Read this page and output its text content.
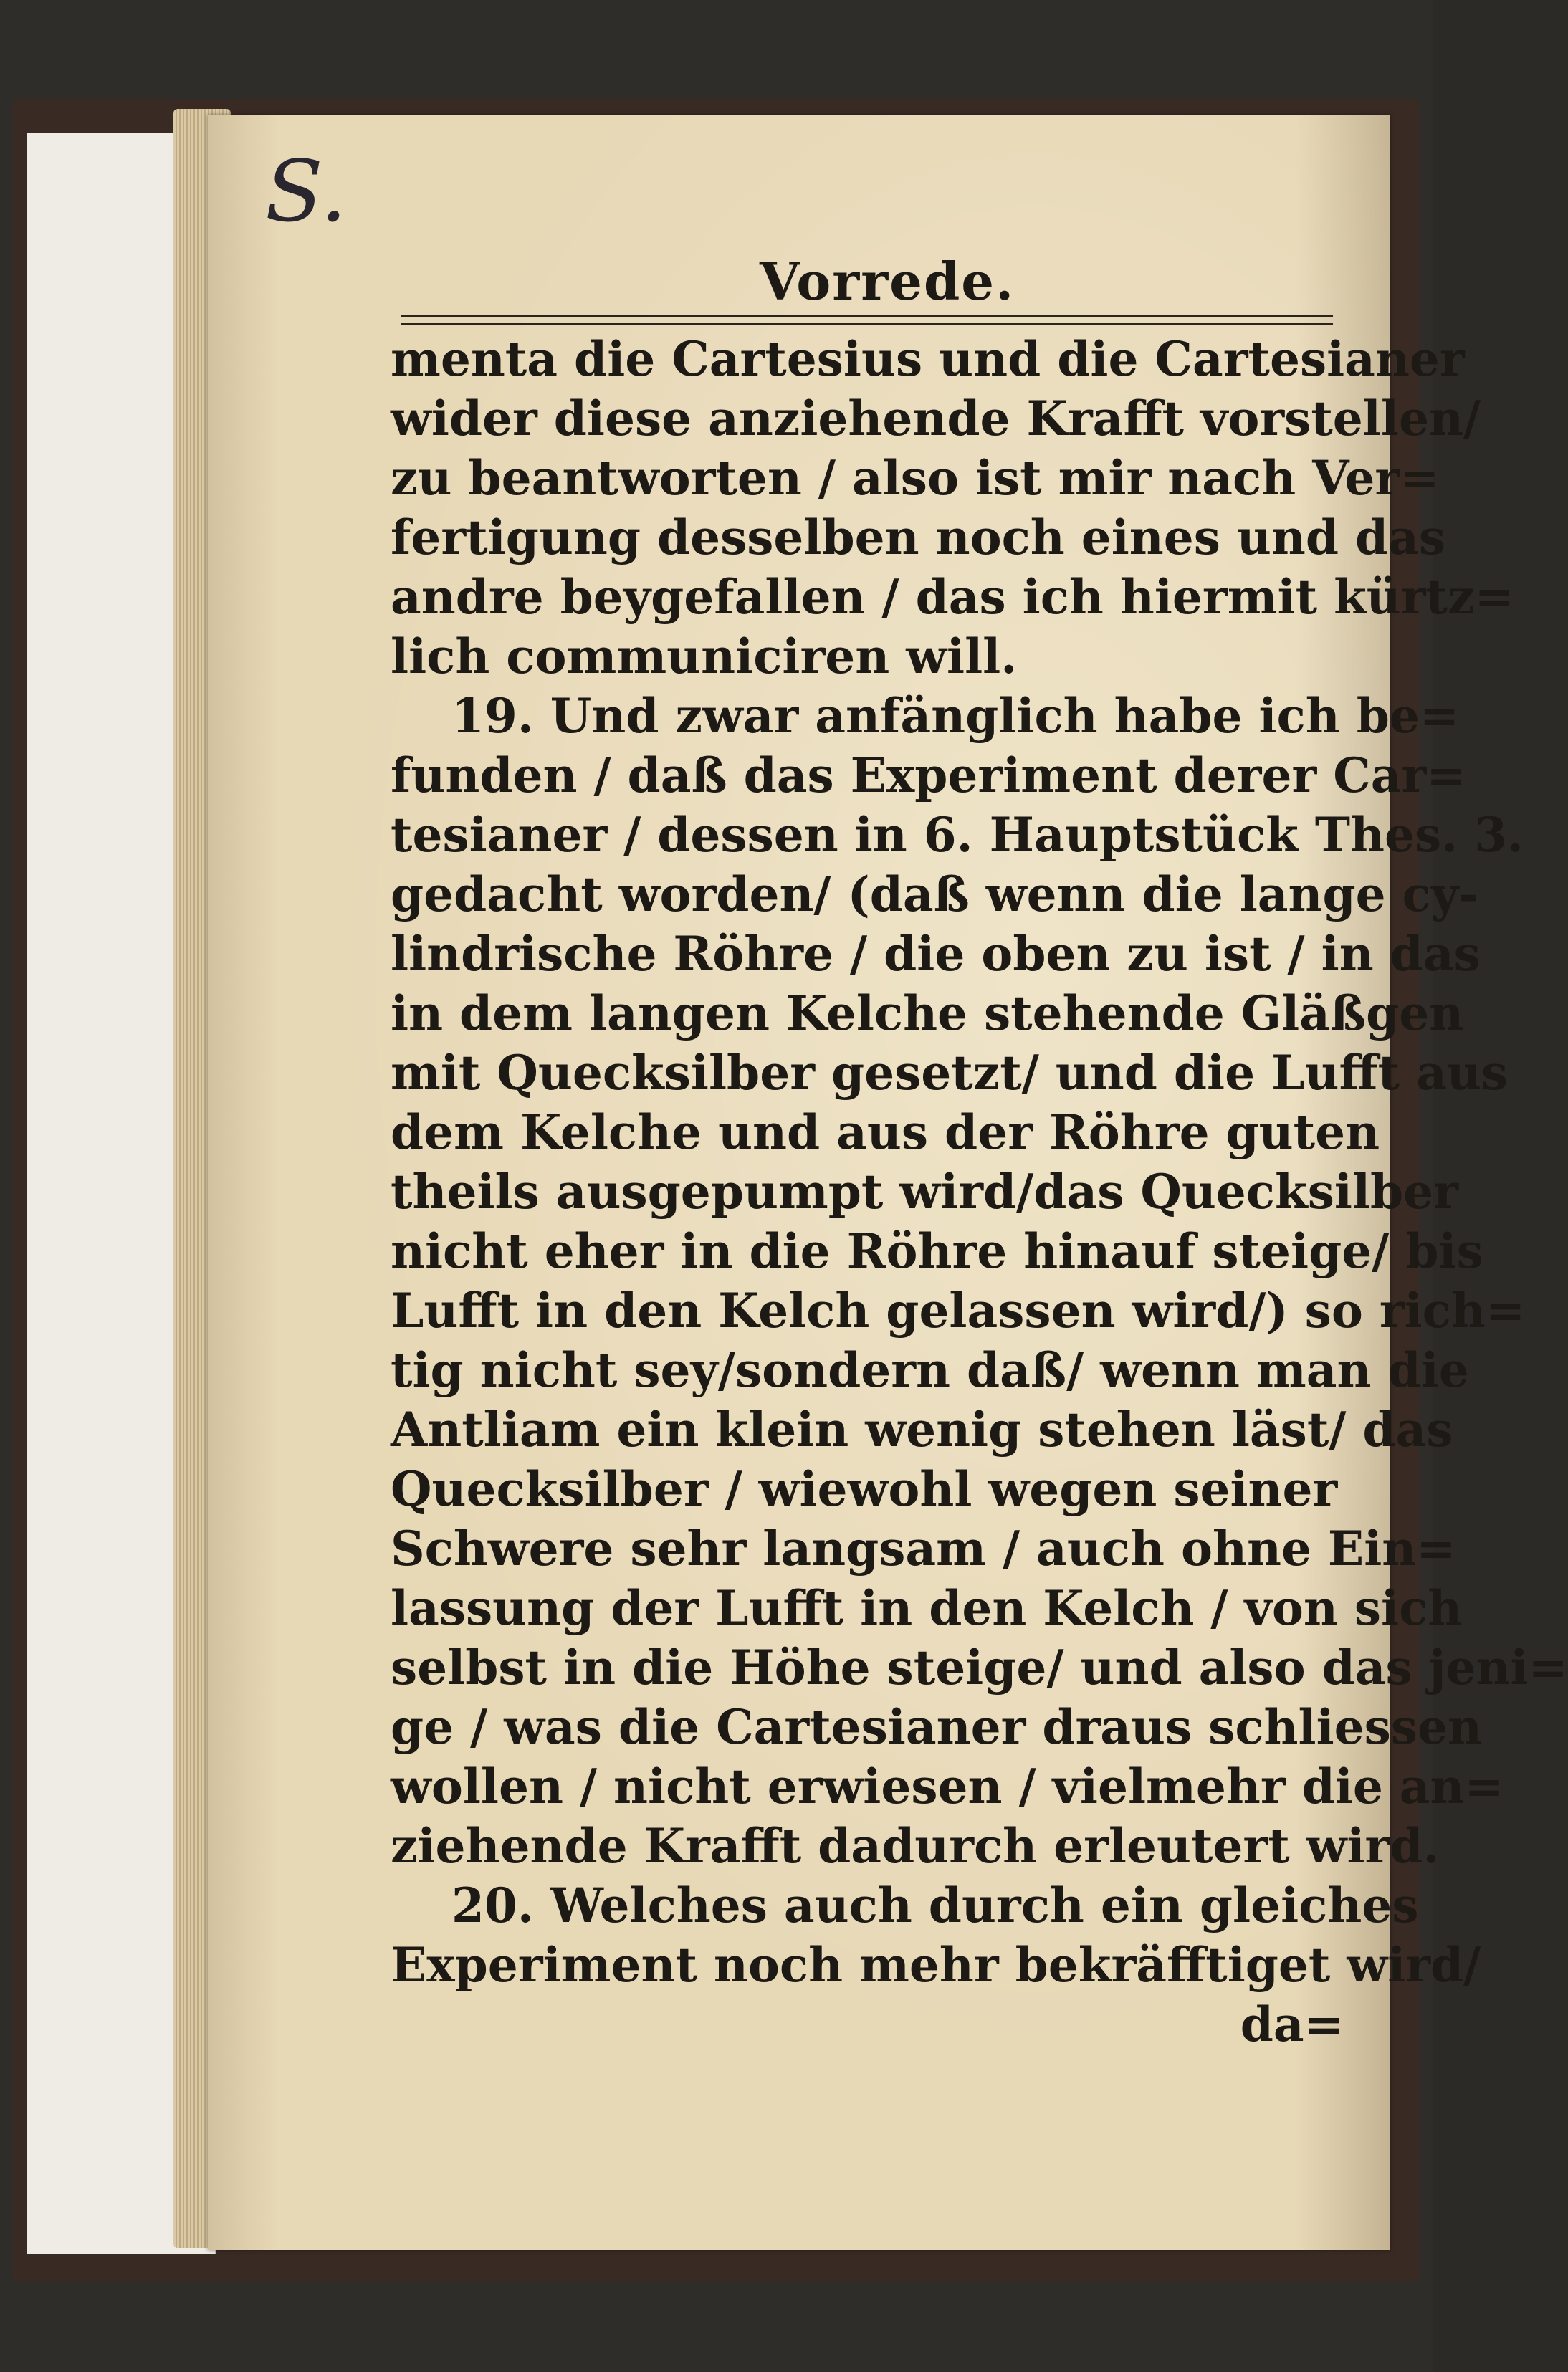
S.
Vorrede.
menta die Cartesius und die Cartesianer
wider diese anziehende Krafft vorstellen/
zu beantworten / also ist mir nach Ver=
fertigung desselben noch eines und das
andre beygefallen / das ich hiermit kürtz=
lich communiciren will.
19. Und zwar anfänglich habe ich be=
funden / daß das Experiment derer Car=
tesianer / dessen in 6. Hauptstück Thes. 3.
gedacht worden/ (daß wenn die lange cy-
lindrische Röhre / die oben zu ist / in das
in dem langen Kelche stehende Gläßgen
mit Quecksilber gesetzt/ und die Lufft aus
dem Kelche und aus der Röhre guten
theils ausgepumpt wird/das Quecksilber
nicht eher in die Röhre hinauf steige/ bis
Lufft in den Kelch gelassen wird/) so rich=
tig nicht sey/sondern daß/ wenn man die
Antliam ein klein wenig stehen läst/ das
Quecksilber / wiewohl wegen seiner
Schwere sehr langsam / auch ohne Ein=
lassung der Lufft in den Kelch / von sich
selbst in die Höhe steige/ und also das jeni=
ge / was die Cartesianer draus schliessen
wollen / nicht erwiesen / vielmehr die an=
ziehende Krafft dadurch erleutert wird.
20. Welches auch durch ein gleiches
Experiment noch mehr bekräfftiget wird/
da=
